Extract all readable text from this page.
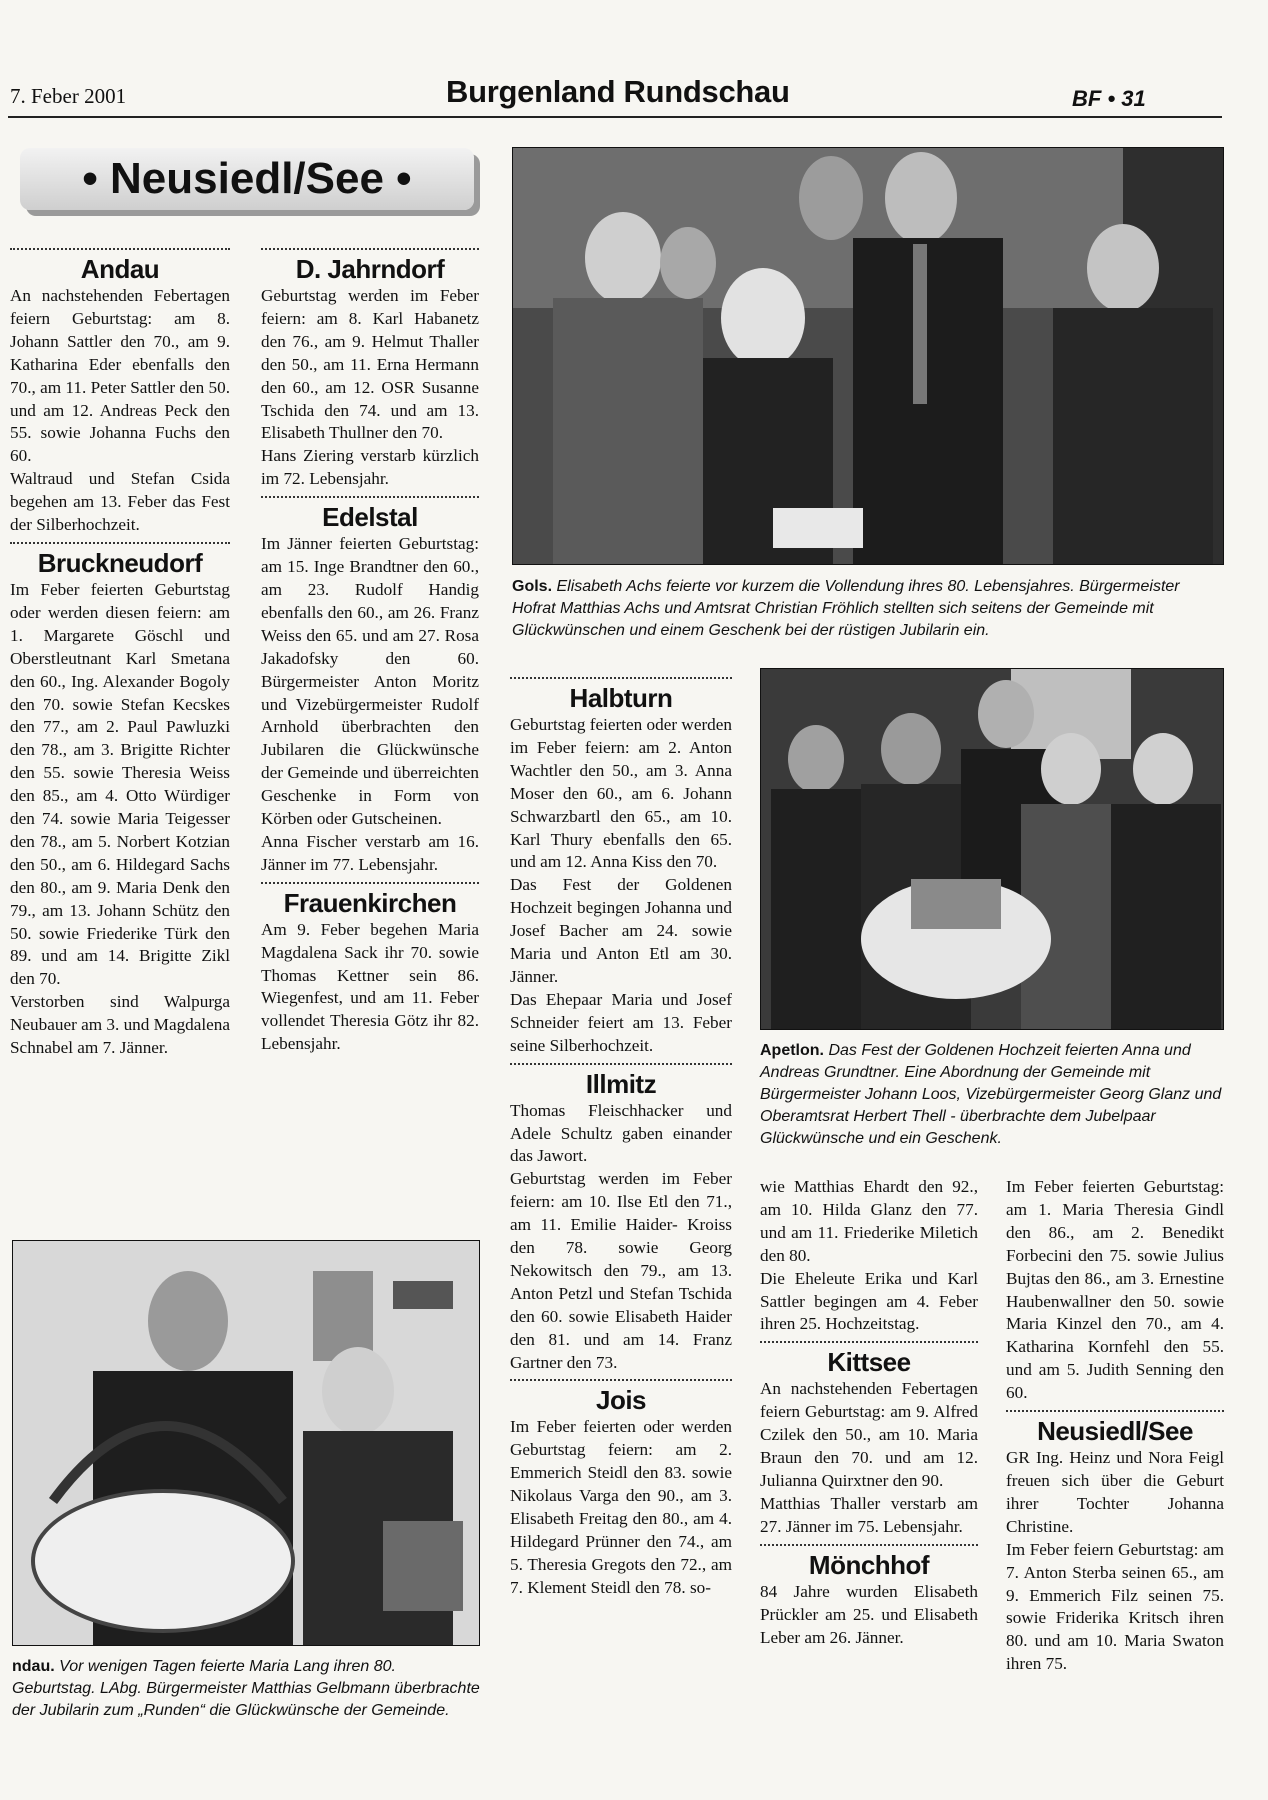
7. Feber 2001	Burgenland Rundschau	BF • 31
• Neusiedl/See •
Andau

An nachstehenden Febertagen feiern Geburtstag: am 8. Johann Sattler den 70., am 9. Katharina Eder ebenfalls den 70., am 11. Peter Sattler den 50. und am 12. Andreas Peck den 55. sowie Johanna Fuchs den 60.

Waltraud und Stefan Csida begehen am 13. Feber das Fest der Silberhochzeit.

Bruckneudorf

Im Feber feierten Geburtstag oder werden diesen feiern: am 1. Margarete Göschl und Oberstleutnant Karl Smetana den 60., Ing. Alexander Bogoly den 70. sowie Stefan Kecskes den 77., am 2. Paul Pawluzki den 78., am 3. Brigitte Richter den 55. sowie Theresia Weiss den 85., am 4. Otto Würdiger den 74. sowie Maria Teigesser den 78., am 5. Norbert Kotzian den 50., am 6. Hildegard Sachs den 80., am 9. Maria Denk den 79., am 13. Johann Schütz den 50. sowie Friederike Türk den 89. und am 14. Brigitte Zikl den 70.

Verstorben sind Walpurga Neubauer am 3. und Magdalena Schnabel am 7. Jänner.

D. Jahrndorf

Geburtstag werden im Feber feiern: am 8. Karl Habanetz den 76., am 9. Helmut Thaller den 50., am 11. Erna Hermann den 60., am 12. OSR Susanne Tschida den 74. und am 13. Elisabeth Thullner den 70.

Hans Ziering verstarb kürzlich im 72. Lebensjahr.

Edelstal

Im Jänner feierten Geburtstag: am 15. Inge Brandtner den 60., am 23. Rudolf Handig ebenfalls den 60., am 26. Franz Weiss den 65. und am 27. Rosa Jakadofsky den 60. Bürgermeister Anton Moritz und Vizebürgermeister Rudolf Arnhold überbrachten den Jubilaren die Glückwünsche der Gemeinde und überreichten Geschenke in Form von Körben oder Gutscheinen.

Anna Fischer verstarb am 16. Jänner im 77. Lebensjahr.

Frauenkirchen

Am 9. Feber begehen Maria Magdalena Sack ihr 70. sowie Thomas Kettner sein 86. Wiegenfest, und am 11. Feber vollendet Theresia Götz ihr 82. Lebensjahr.

Gols. Elisabeth Achs feierte vor kurzem die Vollendung ihres 80. Lebensjahres. Bürgermeister Hofrat Matthias Achs und Amtsrat Christian Fröhlich stellten sich seitens der Gemeinde mit Glückwünschen und einem Geschenk bei der rüstigen Jubilarin ein.
Halbturn

Geburtstag feierten oder werden im Feber feiern: am 2. Anton Wachtler den 50., am 3. Anna Moser den 60., am 6. Johann Schwarzbartl den 65., am 10. Karl Thury ebenfalls den 65. und am 12. Anna Kiss den 70.

Das Fest der Goldenen Hochzeit begingen Johanna und Josef Bacher am 24. sowie Maria und Anton Etl am 30. Jänner.

Das Ehepaar Maria und Josef Schneider feiert am 13. Feber seine Silberhochzeit.

Illmitz

Thomas Fleischhacker und Adele Schultz gaben einander das Jawort.

Geburtstag werden im Feber feiern: am 10. Ilse Etl den 71., am 11. Emilie Haider- Kroiss den 78. sowie Georg Nekowitsch den 79., am 13. Anton Petzl und Stefan Tschida den 60. sowie Elisabeth Haider den 81. und am 14. Franz Gartner den 73.

Jois

Im Feber feierten oder werden Geburtstag feiern: am 2. Emmerich Steidl den 83. sowie Nikolaus Varga den 90., am 3. Elisabeth Freitag den 80., am 4. Hildegard Prünner den 74., am 5. Theresia Gregots den 72., am 7. Klement Steidl den 78. so-

Apetlon. Das Fest der Goldenen Hochzeit feierten Anna und Andreas Grundtner. Eine Abordnung der Gemeinde mit Bürgermeister Johann Loos, Vizebürgermeister Georg Glanz und Oberamtsrat Herbert Thell - überbrachte dem Jubelpaar Glückwünsche und ein Geschenk.

wie Matthias Ehardt den 92., am 10. Hilda Glanz den 77. und am 11. Friederike Miletich den 80.

Die Eheleute Erika und Karl Sattler begingen am 4. Feber ihren 25. Hochzeitstag.

Kittsee

An nachstehenden Febertagen feiern Geburtstag: am 9. Alfred Czilek den 50., am 10. Maria Braun den 70. und am 12. Julianna Quirxtner den 90.

Matthias Thaller verstarb am 27. Jänner im 75. Lebensjahr.

Mönchhof

84 Jahre wurden Elisabeth Prückler am 25. und Elisabeth Leber am 26. Jänner.

Im Feber feierten Geburtstag: am 1. Maria Theresia Gindl den 86., am 2. Benedikt Forbecini den 75. sowie Julius Bujtas den 86., am 3. Ernestine Haubenwallner den 50. sowie Maria Kinzel den 70., am 4. Katharina Kornfehl den 55. und am 5. Judith Senning den 60.

Neusiedl/See

GR Ing. Heinz und Nora Feigl freuen sich über die Geburt ihrer Tochter Johanna Christine.

Im Feber feiern Geburtstag: am 7. Anton Sterba seinen 65., am 9. Emmerich Filz seinen 75. sowie Friderika Kritsch ihren 80. und am 10. Maria Swaton ihren 75.

ndau. Vor wenigen Tagen feierte Maria Lang ihren 80. Geburtstag. LAbg. Bürgermeister Matthias Gelbmann überbrachte der Jubilarin zum „Runden“ die Glückwünsche der Gemeinde.
